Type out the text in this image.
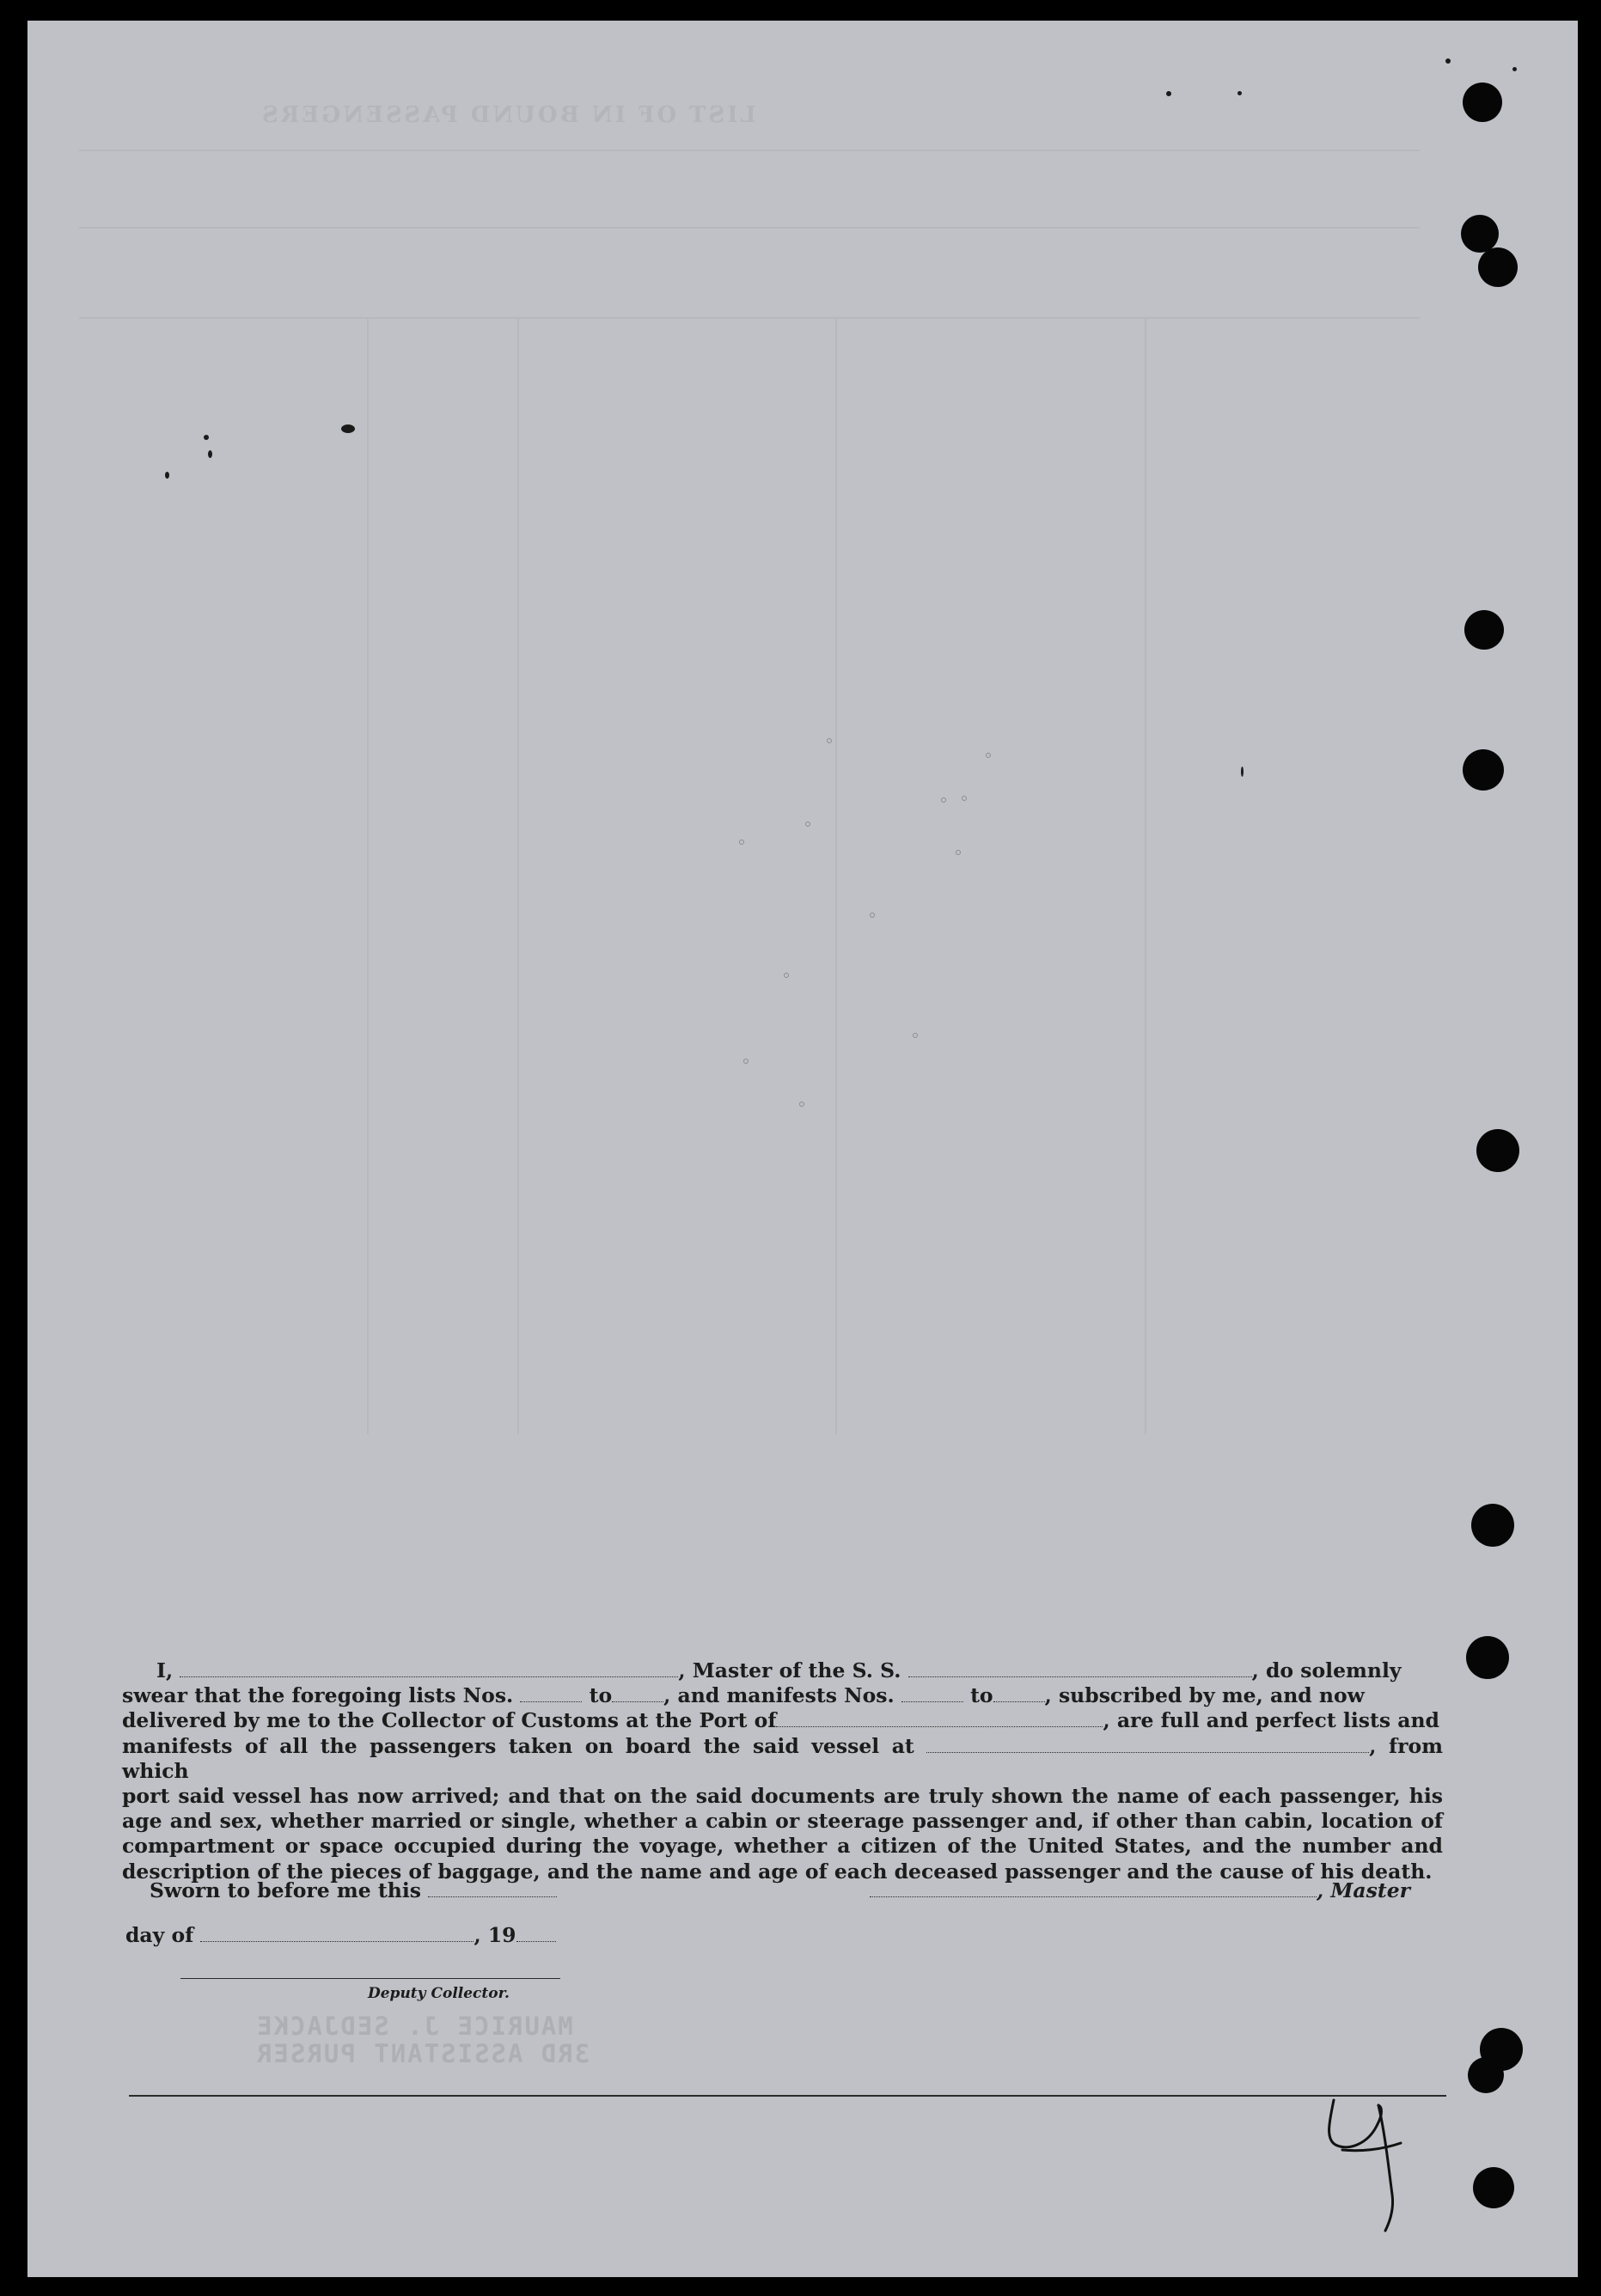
LIST OF IN BOUND PASSENGERS

I,	, Master of the S. S.	, do solemnly

swear that the foregoing lists Nos.	to	, and manifests Nos.	to	, subscribed by me, and now
delivered by me to the Collector of Customs at the Port of	, are full and perfect lists and
manifests of all the passengers taken on board the said vessel at	, from which
port said vessel has now arrived; and that on the said documents are truly shown the name of each passenger, his age and sex, whether married or single, whether a cabin or steerage passenger and, if other than cabin, location of compartment or space occupied during the voyage, whether a citizen of the United States, and the number and description of the pieces of baggage, and the name and age of each deceased passenger and the cause of his death.
Sworn to before me this	, Master
day of	, 19
Deputy Collector.
MAURICE J. SEDJACKE
3RD ASSISTANT PURSER
